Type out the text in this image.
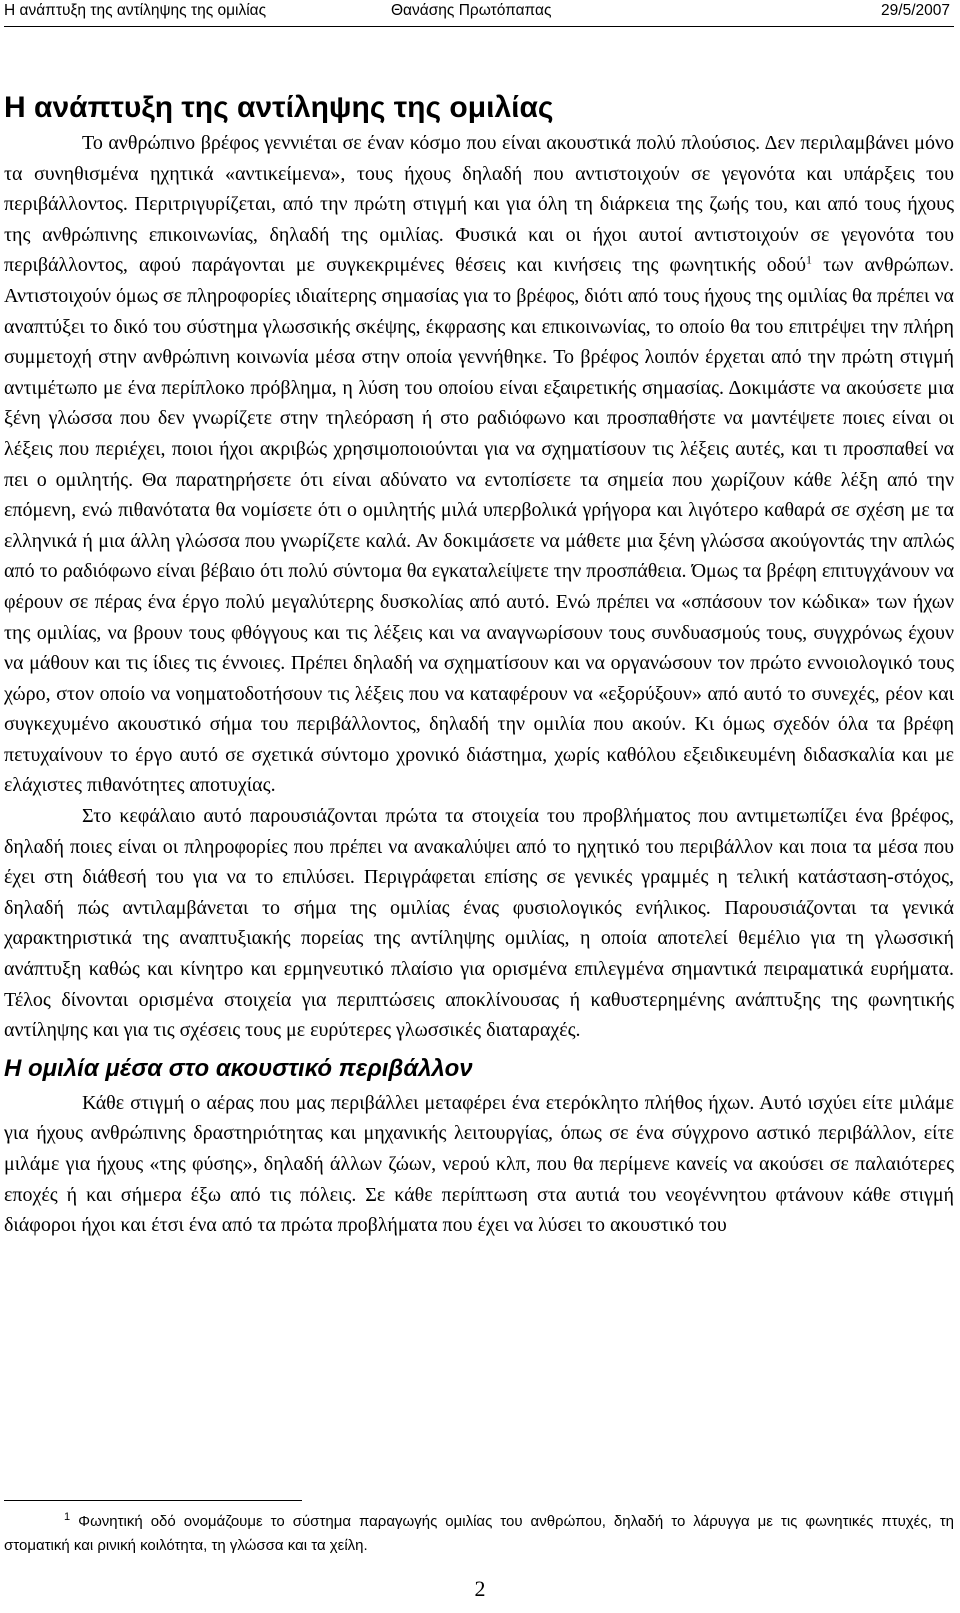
Η ανάπτυξη της αντίληψης της ομιλίας	Θανάσης Πρωτόπαπας	29/5/2007
Η ανάπτυξη της αντίληψης της ομιλίας

Το ανθρώπινο βρέφος γεννιέται σε έναν κόσμο που είναι ακουστικά πολύ πλούσιος. Δεν περιλαμβάνει μόνο τα συνηθισμένα ηχητικά «αντικείμενα», τους ήχους δηλαδή που αντιστοιχούν σε γεγονότα και υπάρξεις του περιβάλλοντος. Περιτριγυρίζεται, από την πρώτη στιγμή και για όλη τη διάρκεια της ζωής του, και από τους ήχους της ανθρώπινης επικοινωνίας, δηλαδή της ομιλίας. Φυσικά και οι ήχοι αυτοί αντιστοιχούν σε γεγονότα του περιβάλλοντος, αφού παράγονται με συγκεκριμένες θέσεις και κινήσεις της φωνητικής οδού$^1$ των ανθρώπων. Αντιστοιχούν όμως σε πληροφορίες ιδιαίτερης σημασίας για το βρέφος, διότι από τους ήχους της ομιλίας θα πρέπει να αναπτύξει το δικό του σύστημα γλωσσικής σκέψης, έκφρασης και επικοινωνίας, το οποίο θα του επιτρέψει την πλήρη συμμετοχή στην ανθρώπινη κοινωνία μέσα στην οποία γεννήθηκε. Το βρέφος λοιπόν έρχεται από την πρώτη στιγμή αντιμέτωπο με ένα περίπλοκο πρόβλημα, η λύση του οποίου είναι εξαιρετικής σημασίας. Δοκιμάστε να ακούσετε μια ξένη γλώσσα που δεν γνωρίζετε στην τηλεόραση ή στο ραδιόφωνο και προσπαθήστε να μαντέψετε ποιες είναι οι λέξεις που περιέχει, ποιοι ήχοι ακριβώς χρησιμοποιούνται για να σχηματίσουν τις λέξεις αυτές, και τι προσπαθεί να πει ο ομιλητής. Θα παρατηρήσετε ότι είναι αδύνατο να εντοπίσετε τα σημεία που χωρίζουν κάθε λέξη από την επόμενη, ενώ πιθανότατα θα νομίσετε ότι ο ομιλητής μιλά υπερβολικά γρήγορα και λιγότερο καθαρά σε σχέση με τα ελληνικά ή μια άλλη γλώσσα που γνωρίζετε καλά. Αν δοκιμάσετε να μάθετε μια ξένη γλώσσα ακούγοντάς την απλώς από το ραδιόφωνο είναι βέβαιο ότι πολύ σύντομα θα εγκαταλείψετε την προσπάθεια. Όμως τα βρέφη επιτυγχάνουν να φέρουν σε πέρας ένα έργο πολύ μεγαλύτερης δυσκολίας από αυτό. Ενώ πρέπει να «σπάσουν τον κώδικα» των ήχων της ομιλίας, να βρουν τους φθόγγους και τις λέξεις και να αναγνωρίσουν τους συνδυασμούς τους, συγχρόνως έχουν να μάθουν και τις ίδιες τις έννοιες. Πρέπει δηλαδή να σχηματίσουν και να οργανώσουν τον πρώτο εννοιολογικό τους χώρο, στον οποίο να νοηματοδοτήσουν τις λέξεις που να καταφέρουν να «εξορύξουν» από αυτό το συνεχές, ρέον και συγκεχυμένο ακουστικό σήμα του περιβάλλοντος, δηλαδή την ομιλία που ακούν. Κι όμως σχεδόν όλα τα βρέφη πετυχαίνουν το έργο αυτό σε σχετικά σύντομο χρονικό διάστημα, χωρίς καθόλου εξειδικευμένη διδασκαλία και με ελάχιστες πιθανότητες αποτυχίας.

Στο κεφάλαιο αυτό παρουσιάζονται πρώτα τα στοιχεία του προβλήματος που αντιμετωπίζει ένα βρέφος, δηλαδή ποιες είναι οι πληροφορίες που πρέπει να ανακαλύψει από το ηχητικό του περιβάλλον και ποια τα μέσα που έχει στη διάθεσή του για να το επιλύσει. Περιγράφεται επίσης σε γενικές γραμμές η τελική κατάσταση-στόχος, δηλαδή πώς αντιλαμβάνεται το σήμα της ομιλίας ένας φυσιολογικός ενήλικος. Παρουσιάζονται τα γενικά χαρακτηριστικά της αναπτυξιακής πορείας της αντίληψης ομιλίας, η οποία αποτελεί θεμέλιο για τη γλωσσική ανάπτυξη καθώς και κίνητρο και ερμηνευτικό πλαίσιο για ορισμένα επιλεγμένα σημαντικά πειραματικά ευρήματα. Τέλος δίνονται ορισμένα στοιχεία για περιπτώσεις αποκλίνουσας ή καθυστερημένης ανάπτυξης της φωνητικής αντίληψης και για τις σχέσεις τους με ευρύτερες γλωσσικές διαταραχές.

Η ομιλία μέσα στο ακουστικό περιβάλλον

Κάθε στιγμή ο αέρας που μας περιβάλλει μεταφέρει ένα ετερόκλητο πλήθος ήχων. Αυτό ισχύει είτε μιλάμε για ήχους ανθρώπινης δραστηριότητας και μηχανικής λειτουργίας, όπως σε ένα σύγχρονο αστικό περιβάλλον, είτε μιλάμε για ήχους «της φύσης», δηλαδή άλλων ζώων, νερού κλπ, που θα περίμενε κανείς να ακούσει σε παλαιότερες εποχές ή και σήμερα έξω από τις πόλεις. Σε κάθε περίπτωση στα αυτιά του νεογέννητου φτάνουν κάθε στιγμή διάφοροι ήχοι και έτσι ένα από τα πρώτα προβλήματα που έχει να λύσει το ακουστικό του

$^1$ Φωνητική οδό ονομάζουμε το σύστημα παραγωγής ομιλίας του ανθρώπου, δηλαδή το λάρυγγα με τις φωνητικές πτυχές, τη στοματική και ρινική κοιλότητα, τη γλώσσα και τα χείλη.
2
